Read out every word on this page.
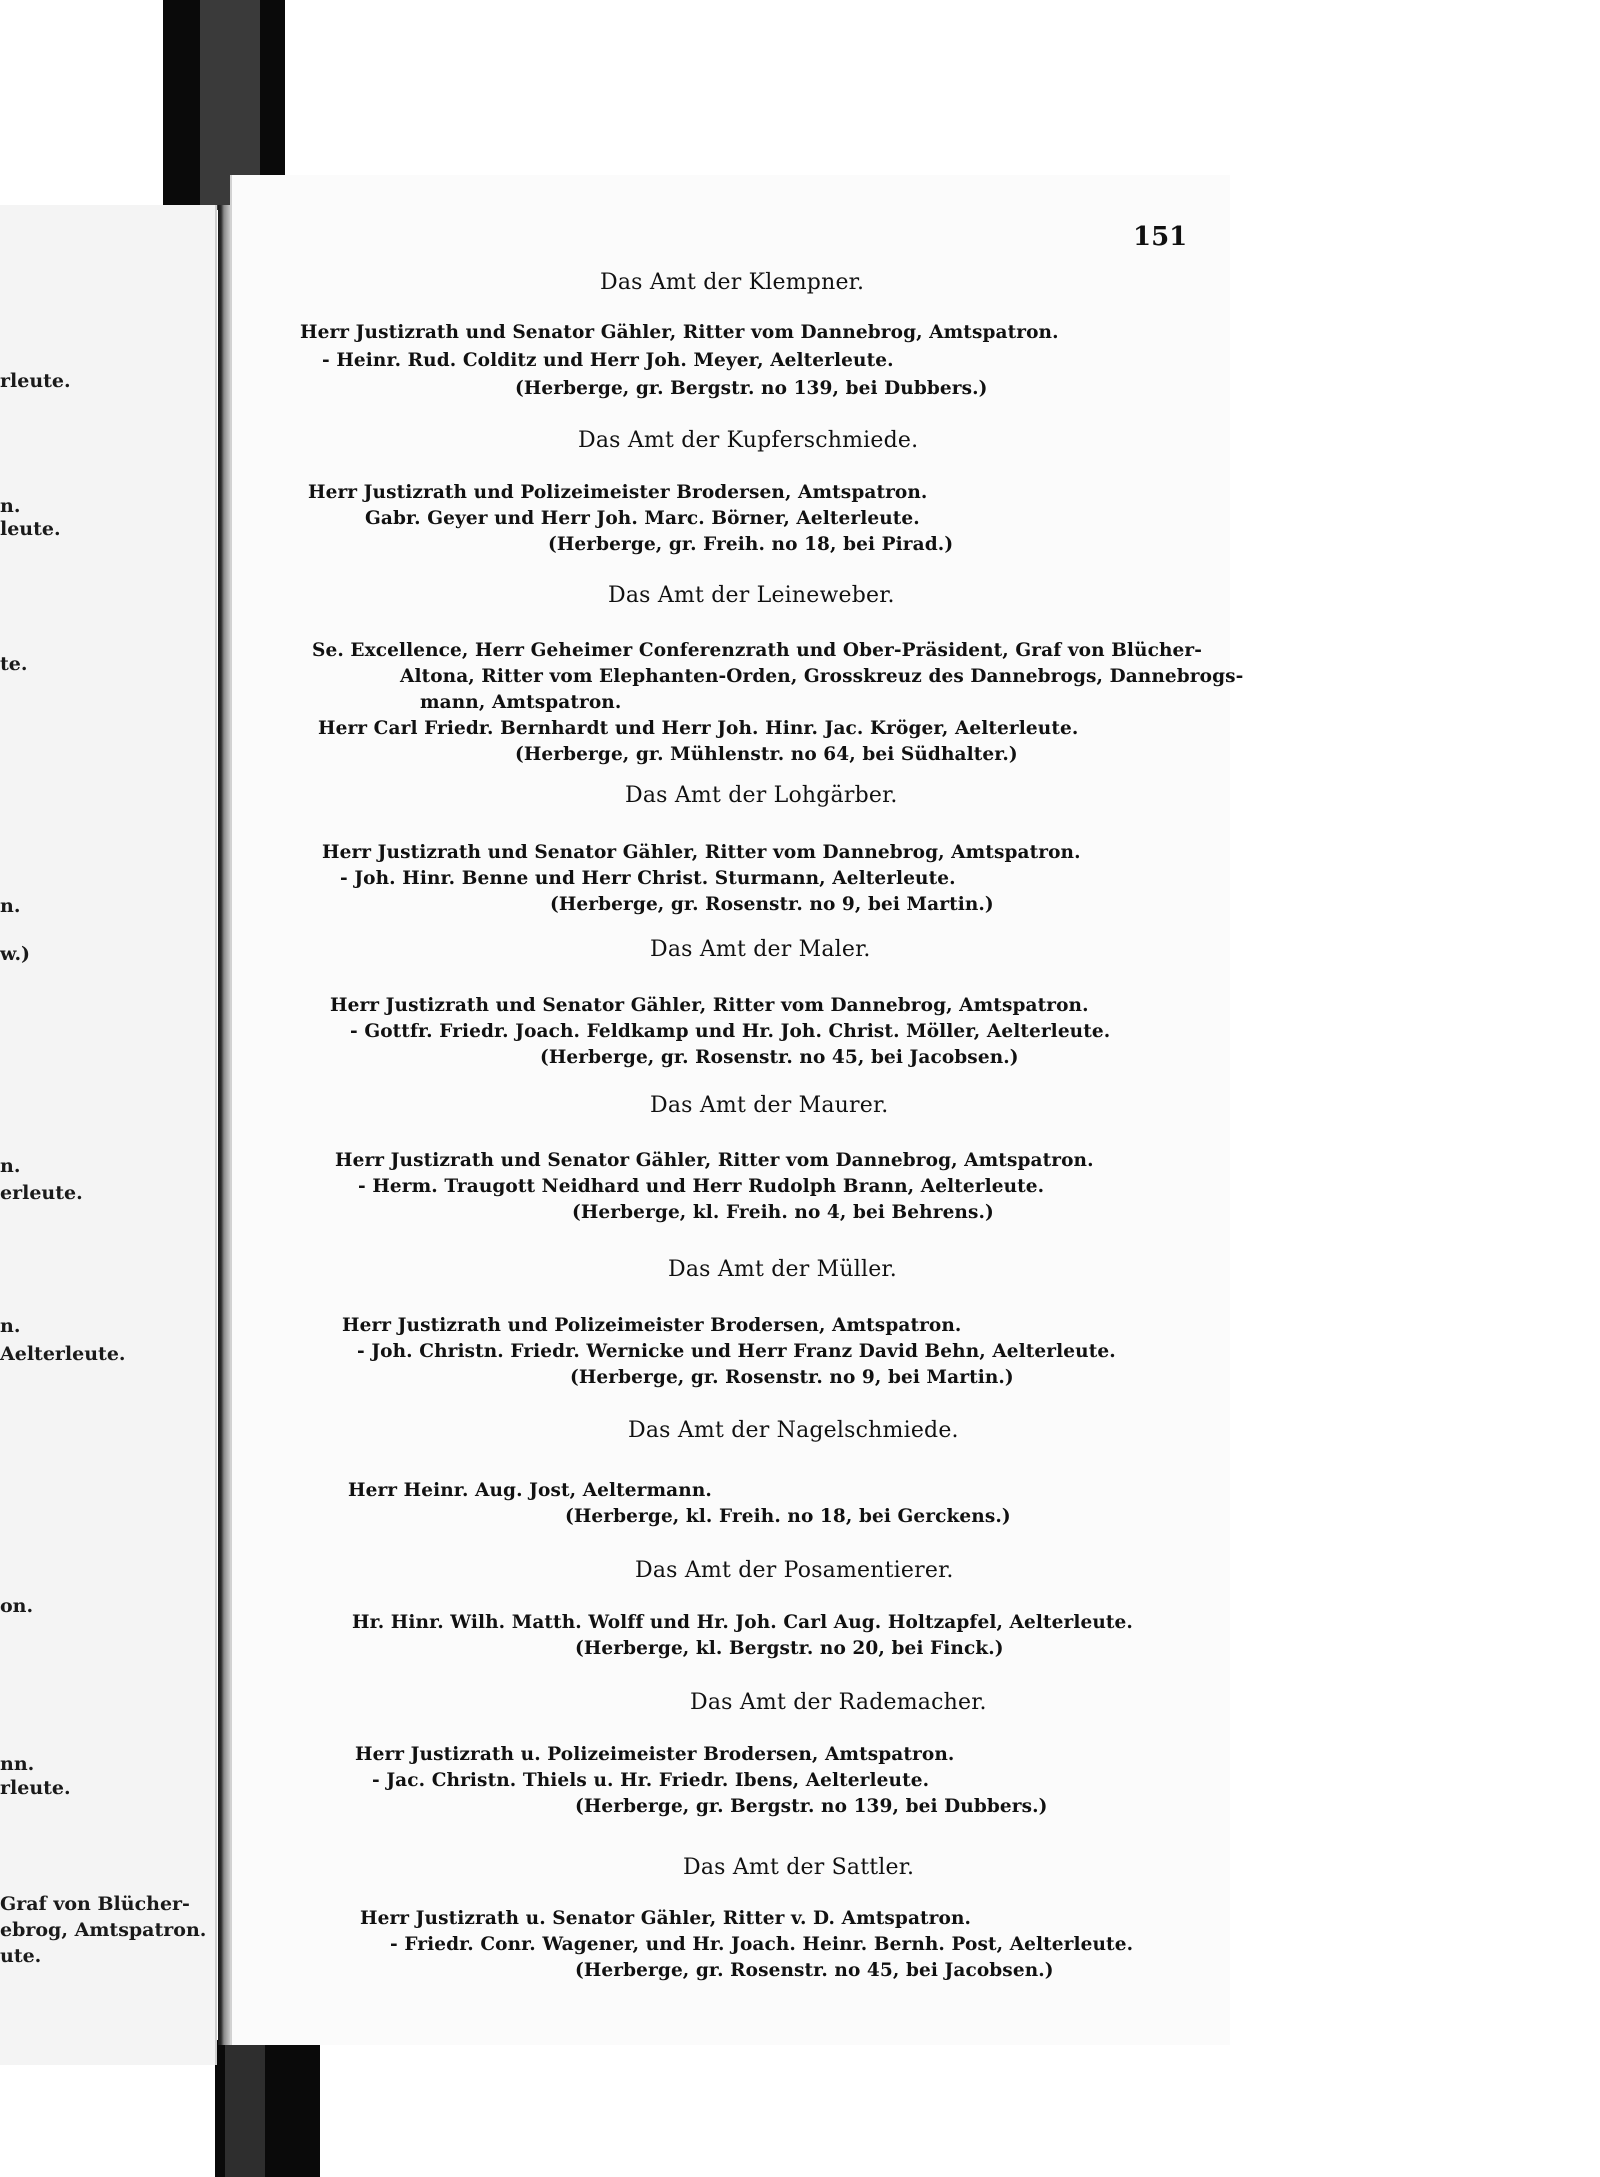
rleute.
n.
leute.
te.
n.
w.)
n.
erleute.
n.
Aelterleute.
on.
nn.
rleute.
Graf von Blücher-
ebrog, Amtspatron.
ute.
151
Das Amt der Klempner.
Herr Justizrath und Senator Gähler, Ritter vom Dannebrog, Amtspatron.
- Heinr. Rud. Colditz und Herr Joh. Meyer, Aelterleute.
(Herberge, gr. Bergstr. no 139, bei Dubbers.)
Das Amt der Kupferschmiede.
Herr Justizrath und Polizeimeister Brodersen, Amtspatron.
Gabr. Geyer und Herr Joh. Marc. Börner, Aelterleute.
(Herberge, gr. Freih. no 18, bei Pirad.)
Das Amt der Leineweber.
Se. Excellence, Herr Geheimer Conferenzrath und Ober-Präsident, Graf von Blücher-
Altona, Ritter vom Elephanten-Orden, Grosskreuz des Dannebrogs, Dannebrogs-
mann, Amtspatron.
Herr Carl Friedr. Bernhardt und Herr Joh. Hinr. Jac. Kröger, Aelterleute.
(Herberge, gr. Mühlenstr. no 64, bei Südhalter.)
Das Amt der Lohgärber.
Herr Justizrath und Senator Gähler, Ritter vom Dannebrog, Amtspatron.
- Joh. Hinr. Benne und Herr Christ. Sturmann, Aelterleute.
(Herberge, gr. Rosenstr. no 9, bei Martin.)
Das Amt der Maler.
Herr Justizrath und Senator Gähler, Ritter vom Dannebrog, Amtspatron.
- Gottfr. Friedr. Joach. Feldkamp und Hr. Joh. Christ. Möller, Aelterleute.
(Herberge, gr. Rosenstr. no 45, bei Jacobsen.)
Das Amt der Maurer.
Herr Justizrath und Senator Gähler, Ritter vom Dannebrog, Amtspatron.
- Herm. Traugott Neidhard und Herr Rudolph Brann, Aelterleute.
(Herberge, kl. Freih. no 4, bei Behrens.)
Das Amt der Müller.
Herr Justizrath und Polizeimeister Brodersen, Amtspatron.
- Joh. Christn. Friedr. Wernicke und Herr Franz David Behn, Aelterleute.
(Herberge, gr. Rosenstr. no 9, bei Martin.)
Das Amt der Nagelschmiede.
Herr Heinr. Aug. Jost, Aeltermann.
(Herberge, kl. Freih. no 18, bei Gerckens.)
Das Amt der Posamentierer.
Hr. Hinr. Wilh. Matth. Wolff und Hr. Joh. Carl Aug. Holtzapfel, Aelterleute.
(Herberge, kl. Bergstr. no 20, bei Finck.)
Das Amt der Rademacher.
Herr Justizrath u. Polizeimeister Brodersen, Amtspatron.
- Jac. Christn. Thiels u. Hr. Friedr. Ibens, Aelterleute.
(Herberge, gr. Bergstr. no 139, bei Dubbers.)
Das Amt der Sattler.
Herr Justizrath u. Senator Gähler, Ritter v. D. Amtspatron.
- Friedr. Conr. Wagener, und Hr. Joach. Heinr. Bernh. Post, Aelterleute.
(Herberge, gr. Rosenstr. no 45, bei Jacobsen.)
